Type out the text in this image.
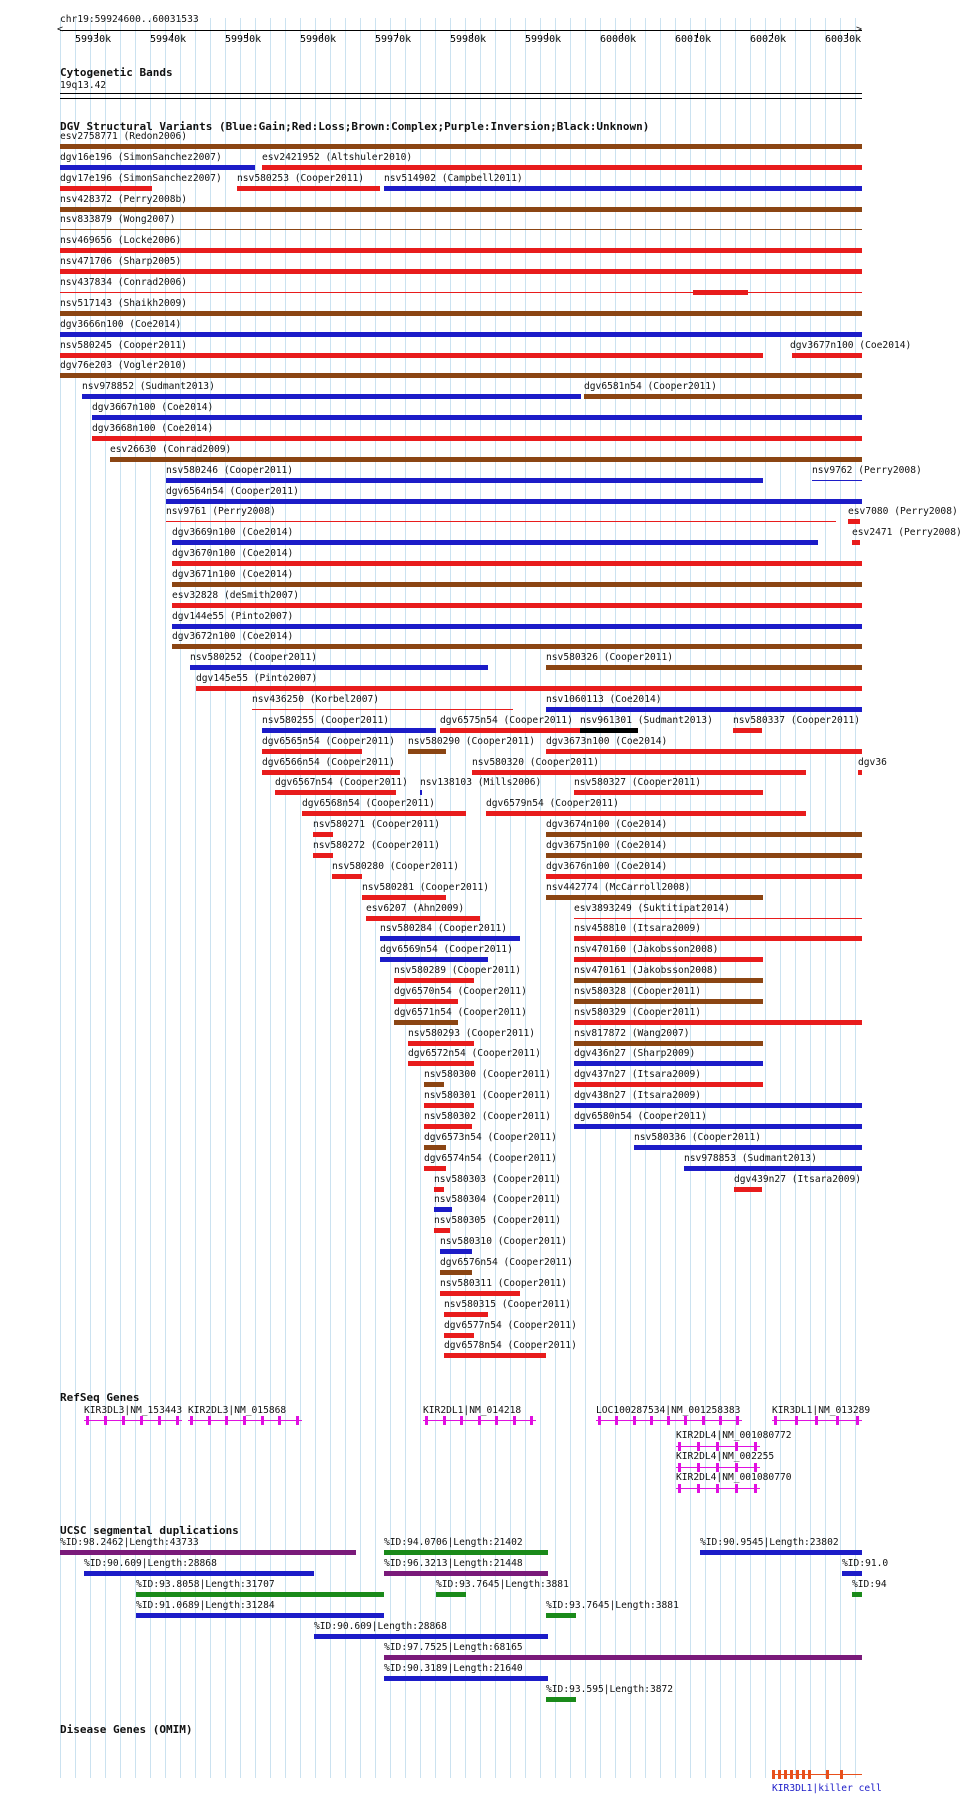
chr19:59924600..60031533
<	>
59930k	59940k	59950k	59960k	59970k	59980k	59990k	60000k	60010k	60020k	60030k
Cytogenetic Bands
19q13.42
DGV Structural Variants (Blue:Gain;Red:Loss;Brown:Complex;Purple:Inversion;Black:Unknown)
esv2758771 (Redon2006)
dgv16e196 (SimonSanchez2007)	esv2421952 (Altshuler2010)
dgv17e196 (SimonSanchez2007) nsv580253 (Cooper2011) nsv514902 (Campbell2011)
nsv428372 (Perry2008b)
nsv833879 (Wong2007)
nsv469656 (Locke2006)
nsv471706 (Sharp2005)
nsv437834 (Conrad2006)
nsv517143 (Shaikh2009)
dgv3666n100 (Coe2014)
nsv580245 (Cooper2011)	dgv3677n100 (Coe2014)
dgv76e203 (Vogler2010)
nsv978852 (Sudmant2013)	dgv6581n54 (Cooper2011)
dgv3667n100 (Coe2014)
dgv3668n100 (Coe2014)
esv26630 (Conrad2009)
nsv580246 (Cooper2011)	nsv9762 (Perry2008)
dgv6564n54 (Cooper2011)
nsv9761 (Perry2008)	esv7080 (Perry2008)
dgv3669n100 (Coe2014)	esv2471 (Perry2008)
dgv3670n100 (Coe2014)
dgv3671n100 (Coe2014)
esv32828 (deSmith2007)
dgv144e55 (Pinto2007)
dgv3672n100 (Coe2014)
nsv580252 (Cooper2011)	nsv580326 (Cooper2011)
dgv145e55 (Pinto2007)
nsv436250 (Korbel2007)	nsv1060113 (Coe2014)
nsv580255 (Cooper2011)	dgv6575n54 (Cooper2011) nsv961301 (Sudmant2013) nsv580337 (Cooper2011)
dgv6565n54 (Cooper2011) nsv580290 (Cooper2011) dgv3673n100 (Coe2014)
dgv6566n54 (Cooper2011)	nsv580320 (Cooper2011)	dgv36
dgv6567n54 (Cooper2011) nsv138103 (Mills2006)	nsv580327 (Cooper2011)
dgv6568n54 (Cooper2011)	dgv6579n54 (Cooper2011)
nsv580271 (Cooper2011)	dgv3674n100 (Coe2014)
nsv580272 (Cooper2011)	dgv3675n100 (Coe2014)
nsv580280 (Cooper2011)	dgv3676n100 (Coe2014)
nsv580281 (Cooper2011)	nsv442774 (McCarroll2008)
esv6207 (Ahn2009)	esv3893249 (Suktitipat2014)
nsv580284 (Cooper2011)	nsv458810 (Itsara2009)
dgv6569n54 (Cooper2011)	nsv470160 (Jakobsson2008)
nsv580289 (Cooper2011)	nsv470161 (Jakobsson2008)
dgv6570n54 (Cooper2011)	nsv580328 (Cooper2011)
dgv6571n54 (Cooper2011)	nsv580329 (Cooper2011)
nsv580293 (Cooper2011)	nsv817872 (Wang2007)
dgv6572n54 (Cooper2011)	dgv436n27 (Sharp2009)
nsv580300 (Cooper2011) dgv437n27 (Itsara2009)
nsv580301 (Cooper2011) dgv438n27 (Itsara2009)
nsv580302 (Cooper2011) dgv6580n54 (Cooper2011)
dgv6573n54 (Cooper2011)	nsv580336 (Cooper2011)
dgv6574n54 (Cooper2011)	nsv978853 (Sudmant2013)
nsv580303 (Cooper2011)	dgv439n27 (Itsara2009)
nsv580304 (Cooper2011)
nsv580305 (Cooper2011)
nsv580310 (Cooper2011)
dgv6576n54 (Cooper2011)
nsv580311 (Cooper2011)
nsv580315 (Cooper2011)
dgv6577n54 (Cooper2011)
dgv6578n54 (Cooper2011)
RefSeq Genes
KIR3DL3|NM_153443 KIR2DL3|NM_015868	KIR2DL1|NM_014218	LOC100287534|NM_001258383	KIR3DL1|NM_013289
KIR2DL4|NM_001080772
KIR2DL4|NM_002255
KIR2DL4|NM_001080770
UCSC segmental duplications
%ID:98.2462|Length:43733	%ID:94.0706|Length:21402	%ID:90.9545|Length:23802
%ID:90.609|Length:28868	%ID:96.3213|Length:21448	%ID:91.0
%ID:93.8058|Length:31707	%ID:93.7645|Length:3881	%ID:94
%ID:91.0689|Length:31284	%ID:93.7645|Length:3881
%ID:90.609|Length:28868
%ID:97.7525|Length:68165
%ID:90.3189|Length:21640
%ID:93.595|Length:3872
Disease Genes (OMIM)
KIR3DL1|killer cell
